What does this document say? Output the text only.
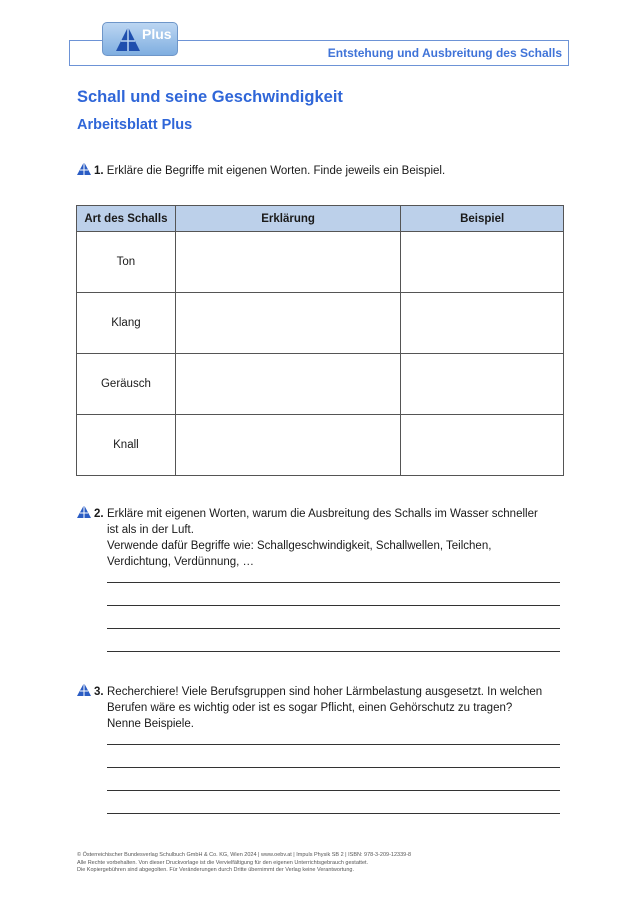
Entstehung und Ausbreitung des Schalls
Plus
Schall und seine Geschwindigkeit
Arbeitsblatt Plus
1. Erkläre die Begriffe mit eigenen Worten. Finde jeweils ein Beispiel.
Art des Schalls	Erklärung	Beispiel
Ton		
Klang		
Geräusch		
Knall		
2. Erkläre mit eigenen Worten, warum die Ausbreitung des Schalls im Wasser schneller
ist als in der Luft.
Verwende dafür Begriffe wie: Schallgeschwindigkeit, Schallwellen, Teilchen,
Verdichtung, Verdünnung, …
3. Recherchiere! Viele Berufsgruppen sind hoher Lärmbelastung ausgesetzt. In welchen
Berufen wäre es wichtig oder ist es sogar Pflicht, einen Gehörschutz zu tragen?
Nenne Beispiele.
© Österreichischer Bundesverlag Schulbuch GmbH & Co. KG, Wien 2024 | www.oebv.at | Impuls Physik SB 2 | ISBN: 978-3-209-12339-8
Alle Rechte vorbehalten. Von dieser Druckvorlage ist die Vervielfältigung für den eigenen Unterrichtsgebrauch gestattet.
Die Kopiergebühren sind abgegolten. Für Veränderungen durch Dritte übernimmt der Verlag keine Verantwortung.
